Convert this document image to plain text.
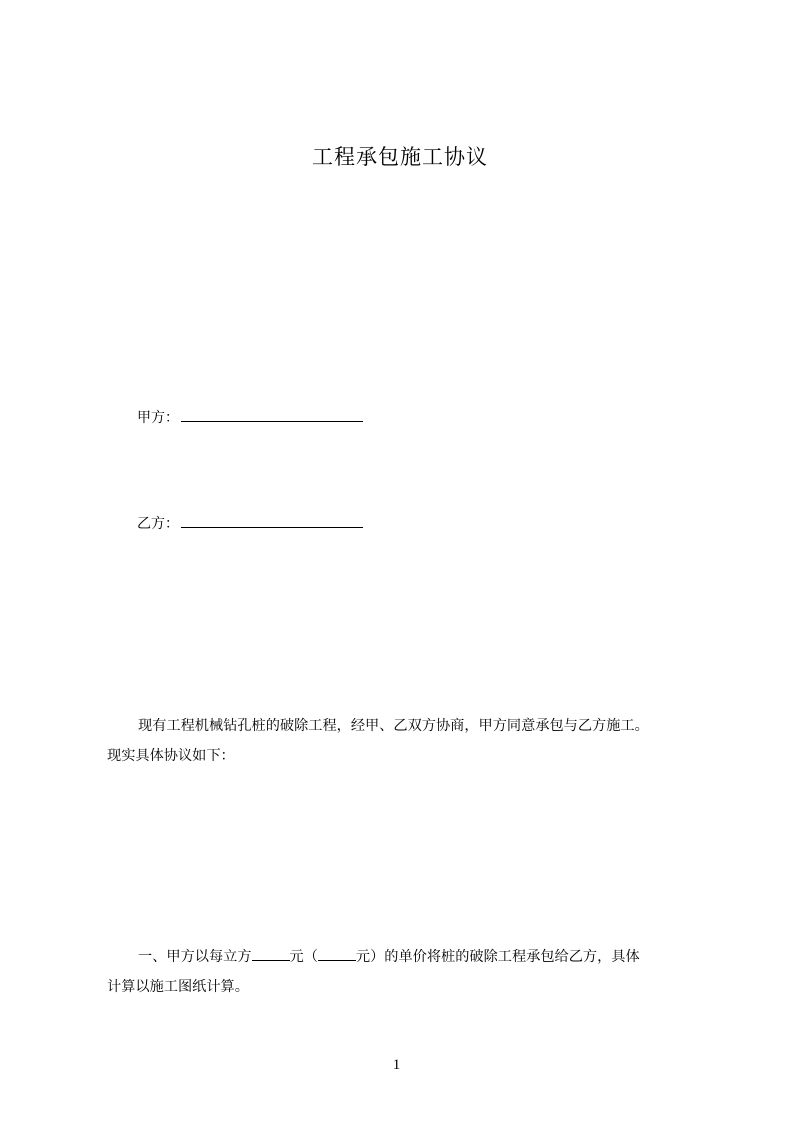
工程承包施工协议
甲方：
乙方：
现有工程机械钻孔桩的破除工程，经甲、乙双方协商，甲方同意承包与乙方施工。
现实具体协议如下：
一、甲方以每立方	元（	元）的单价将桩的破除工程承包给乙方，具体
计算以施工图纸计算。
1
